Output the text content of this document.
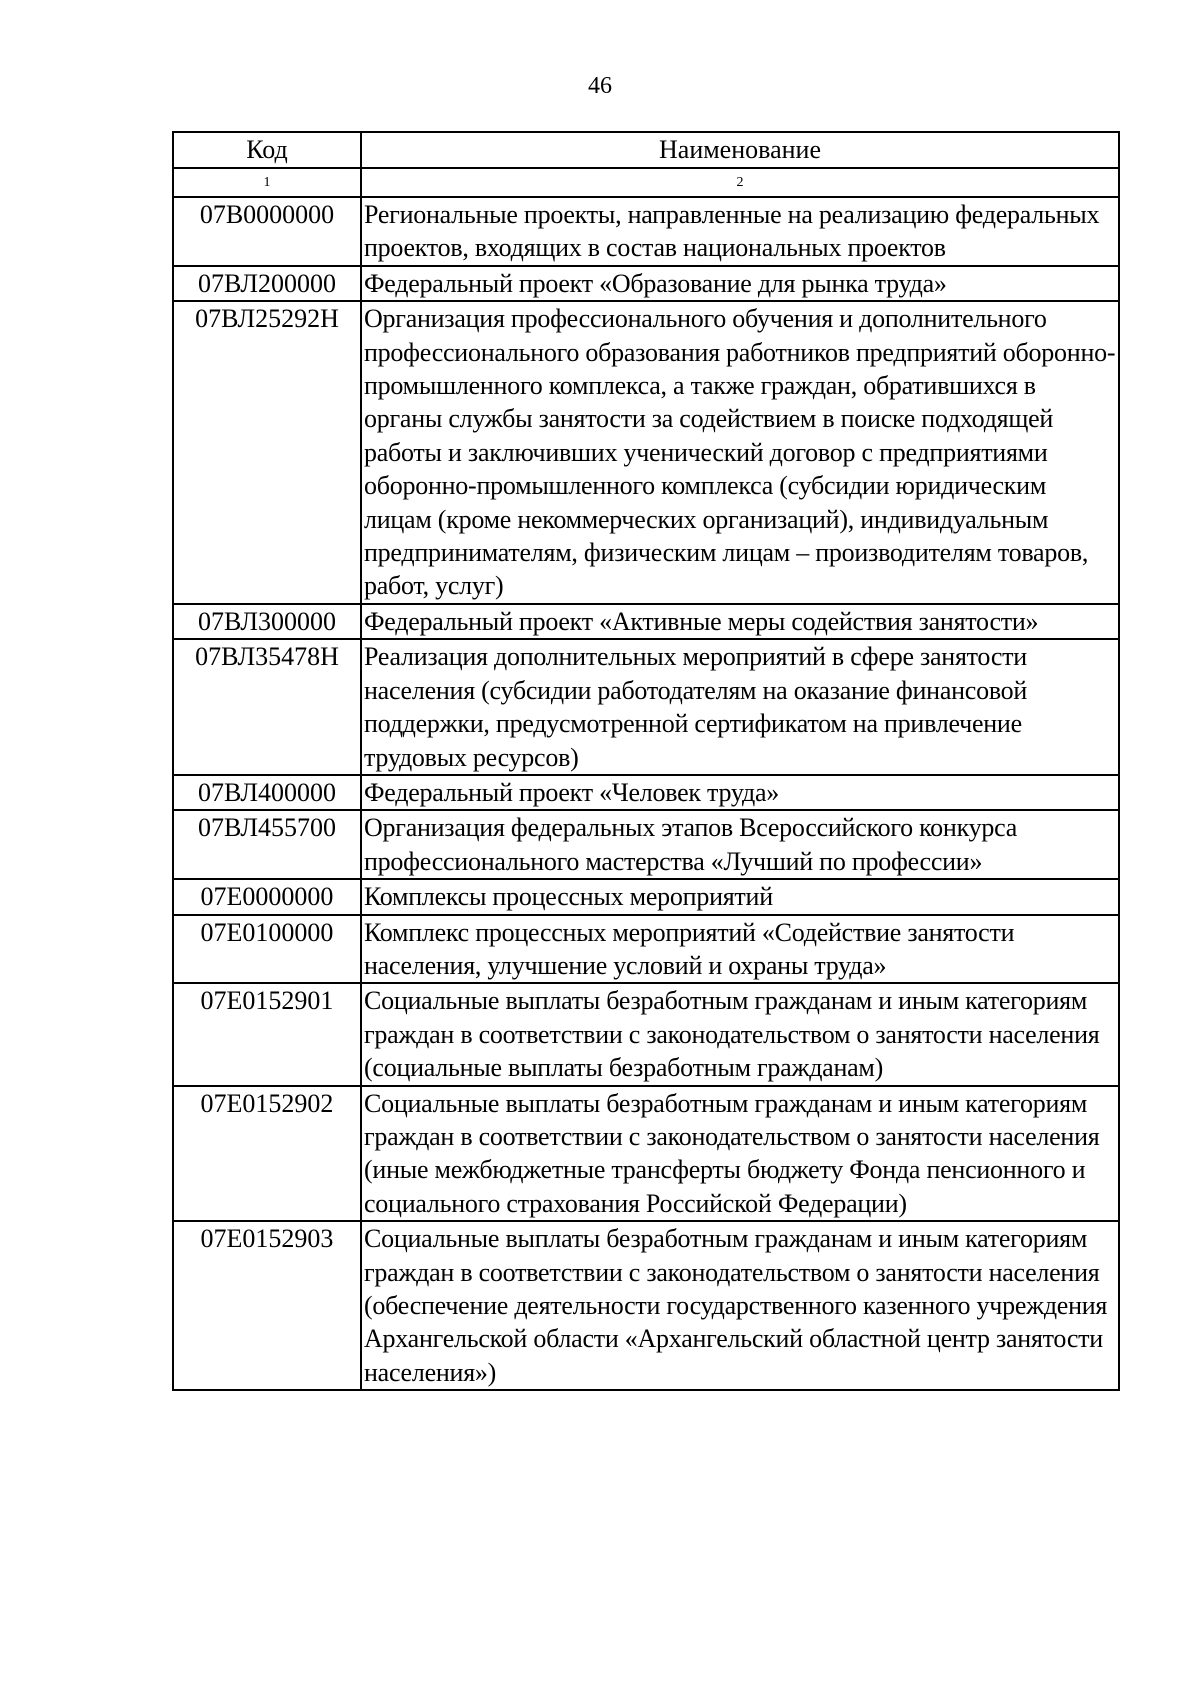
46
Код	Наименование
1	2
07В0000000	Региональные проекты, направленные на реализацию федеральных проектов, входящих в состав национальных проектов
07ВЛ200000	Федеральный проект «Образование для рынка труда»
07ВЛ25292Н	Организация профессионального обучения и дополнительного профессионального образования работников предприятий оборонно-промышленного комплекса, а также граждан, обратившихся в органы службы занятости за содействием в поиске подходящей работы и заключивших ученический договор с предприятиями оборонно-промышленного комплекса (субсидии юридическим лицам (кроме некоммерческих организаций), индивидуальным предпринимателям, физическим лицам – производителям товаров, работ, услуг)
07ВЛ300000	Федеральный проект «Активные меры содействия занятости»
07ВЛ35478Н	Реализация дополнительных мероприятий в сфере занятости населения (субсидии работодателям на оказание финансовой поддержки, предусмотренной сертификатом на привлечение трудовых ресурсов)
07ВЛ400000	Федеральный проект «Человек труда»
07ВЛ455700	Организация федеральных этапов Всероссийского конкурса профессионального мастерства «Лучший по профессии»
07Е0000000	Комплексы процессных мероприятий
07Е0100000	Комплекс процессных мероприятий «Содействие занятости населения, улучшение условий и охраны труда»
07Е0152901	Социальные выплаты безработным гражданам и иным категориям граждан в соответствии с законодательством о занятости населения (социальные выплаты безработным гражданам)
07Е0152902	Социальные выплаты безработным гражданам и иным категориям граждан в соответствии с законодательством о занятости населения (иные межбюджетные трансферты бюджету Фонда пенсионного и социального страхования Российской Федерации)
07Е0152903	Социальные выплаты безработным гражданам и иным категориям граждан в соответствии с законодательством о занятости населения (обеспечение деятельности государственного казенного учреждения Архангельской области «Архангельский областной центр занятости населения»)
